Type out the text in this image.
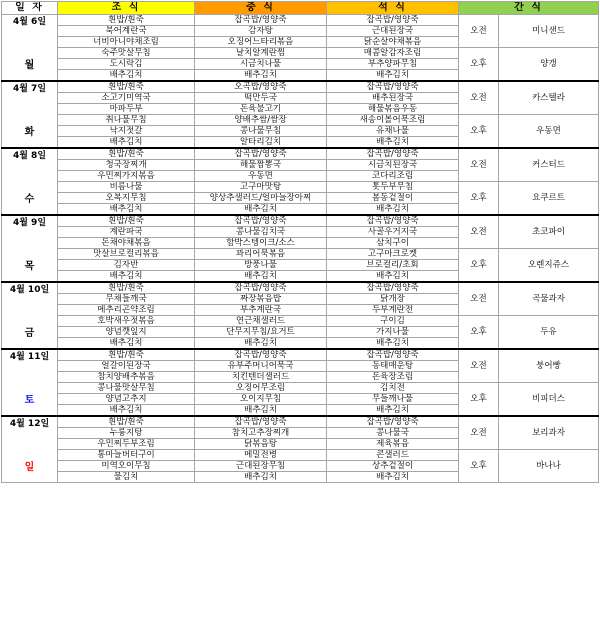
일 자	조 식	중 식	석 식	간 식	
4월 6일
월	흰밥/흰죽	잡곡밥/영양죽	잡곡밥/영양죽	오전	미니샌드
	북어계란국	감자탕	근대된장국		
	너비아니야채조림	오징어느타리볶음	닭순살야채볶음		
	숙주맛살무침	날치알계란찜	매콤알감자조림	오후	양갱
	도시락김	시금치나물	부추양파무침		
	배추김치	배추김치	배추김치		
4월 7일
화	흰밥/흰죽	오곡밥/영양죽	잡곡밥/영양죽	오전	카스텔라
	소고기미역국	떡만두국	배추된장국		
	마파두부	돈육불고기	해물볶음우동		
	취나물무침	양배추쌈/쌈장	새송이볼어묵조림	오후	우동면
	낙지젓갈	콩나물무침	유채나물		
	배추김치	알타리김치	배추김치		
4월 8일
수	흰밥/흰죽	잡곡밥/영양죽	잡곡밥/영양죽	오전	커스터드
	청국장찌개	해물짬뽕국	시금치된장국		
	우민찌가지볶음	우동면	코다리조림		
	비름나물	고구마맛탕	톳두부무침	오후	요쿠르트
	오복지무침	양상추샐러드/얼마늘장아찌	봄동겉절이		
	배추김치	배추김치	배추김치		
4월 9일
목	흰밥/흰죽	잡곡밥/영양죽	잡곡밥/영양죽	오전	초코파이
	계란파국	콩나물김치국	사골우거지국		
	돈채야채볶음	함박스텡이크/소스	삼치구이		
	맛살브로컬리볶음	꽈리어묵볶음	고구마크로켓	오후	오렌지쥬스
	김자반	방풍나물	브로컬리/초회		
	배추김치	배추김치	배추김치		
4월 10일
금	흰밥/흰죽	잡곡밥/영양죽	잡곡밥/영양죽	오전	곡물과자
	무채들깨국	짜장볶음밥	닭개장		
	메추리곤약조림	부추계란국	두부계란전		
	호박새우젓볶음	연근채샐러드	구이김	오후	두유
	양념깻잎지	단무지무침/요거트	가지나물		
	배추김치	배추김치	배추김치		
4월 11일
토	흰밥/흰죽	잡곡밥/영양죽	잡곡밥/영양죽	오전	붕어빵
	얼갈이된장국	유부주머니어묵국	동태매운탕		
	참치양배추볶음	치킨텐더샐러드	돈육장조림		
	콩나물맛살무침	오징어무조림	김치전	오후	비피더스
	양념고추지	오이지무침	무들깨나물		
	배추김치	배추김치	배추김치		
4월 12일
일	흰밥/흰죽	잡곡밥/영양죽	잡곡밥/영양죽	오전	보리과자
	누룽지탕	참치고추장찌개	콩나물국		
	우민찌두부조림	닭볶음탕	제육볶음		
	통마늘버터구이	메밀전병	콘샐러드	오후	바나나
	미역오이무침	근대된장무침	상추겉절이		
	물김치	배추김치	배추김치		
